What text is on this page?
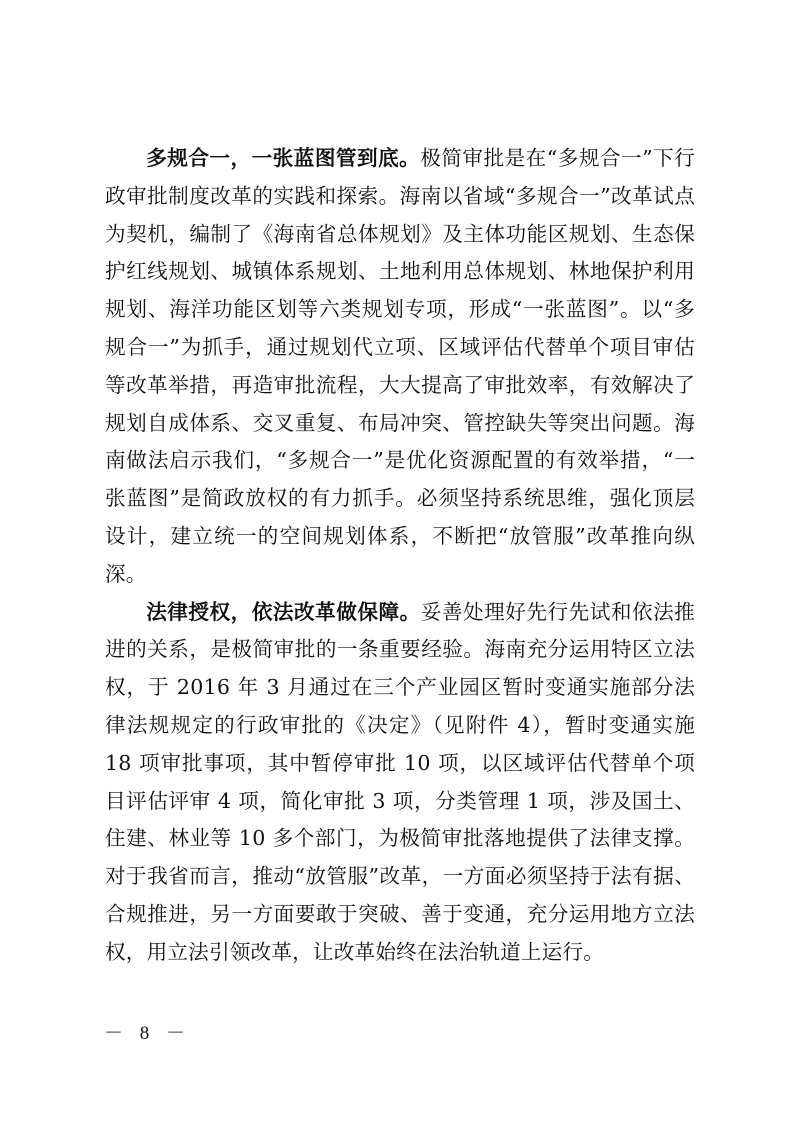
多规合一，一张蓝图管到底。极简审批是在“多规合一”下行政审批制度改革的实践和探索。海南以省域“多规合一”改革试点为契机，编制了《海南省总体规划》及主体功能区规划、生态保护红线规划、城镇体系规划、土地利用总体规划、林地保护利用规划、海洋功能区划等六类规划专项，形成“一张蓝图”。以“多规合一”为抓手，通过规划代立项、区域评估代替单个项目审估等改革举措，再造审批流程，大大提高了审批效率，有效解决了规划自成体系、交叉重复、布局冲突、管控缺失等突出问题。海南做法启示我们，“多规合一”是优化资源配置的有效举措，“一张蓝图”是简政放权的有力抓手。必须坚持系统思维，强化顶层设计，建立统一的空间规划体系，不断把“放管服”改革推向纵深。

法律授权，依法改革做保障。妥善处理好先行先试和依法推进的关系，是极简审批的一条重要经验。海南充分运用特区立法权，于 2016 年 3 月通过在三个产业园区暂时变通实施部分法律法规规定的行政审批的《决定》（见附件 4），暂时变通实施 18 项审批事项，其中暂停审批 10 项，以区域评估代替单个项目评估评审 4 项，简化审批 3 项，分类管理 1 项，涉及国土、住建、林业等 10 多个部门，为极简审批落地提供了法律支撑。对于我省而言，推动“放管服”改革，一方面必须坚持于法有据、合规推进，另一方面要敢于突破、善于变通，充分运用地方立法权，用立法引领改革，让改革始终在法治轨道上运行。

－ 8 －
